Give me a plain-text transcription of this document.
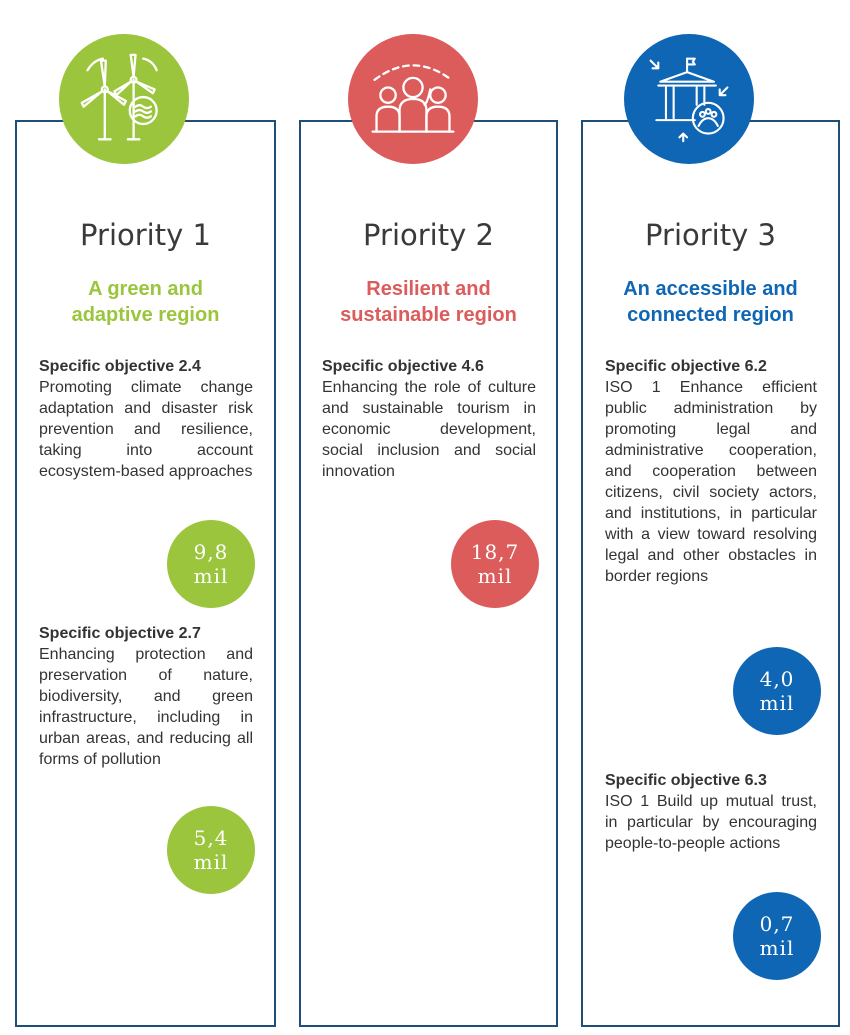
Priority 1
A green and
adaptive region
Specific objective 2.4
Promoting climate change adaptation and disaster risk prevention and resilience, taking into account ecosystem-based approaches
9,8
mil
Specific objective 2.7
Enhancing protection and preservation of nature, biodiversity, and green infrastructure, including in urban areas, and reducing all forms of pollution
5,4
mil
Priority 2
Resilient and
sustainable region
Specific objective 4.6
Enhancing the role of culture and sustainable tourism in economic development, social inclusion and social innovation
18,7
mil
Priority 3
An accessible and
connected region
Specific objective 6.2
ISO 1 Enhance efficient public administration by promoting legal and administrative cooperation, and cooperation between citizens, civil society actors, and institutions, in particular with a view toward resolving legal and other obstacles in border regions
4,0
mil
Specific objective 6.3
ISO 1 Build up mutual trust, in particular by encouraging people-to-people actions
0,7
mil
